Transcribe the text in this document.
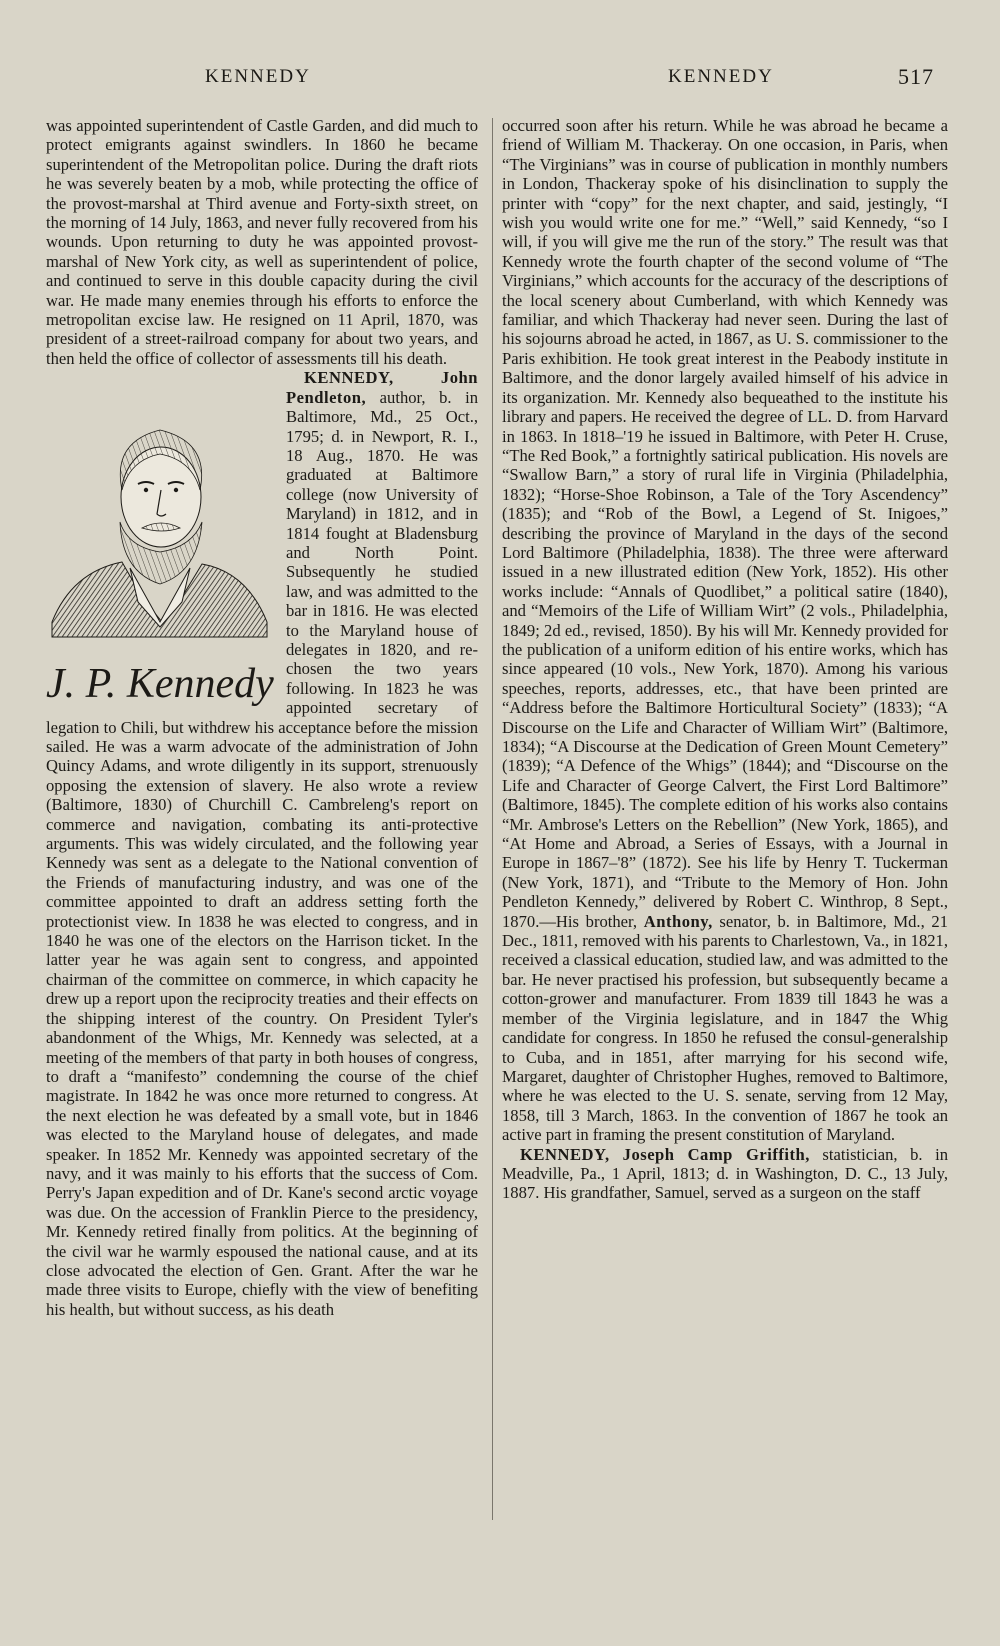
KENNEDY	KENNEDY	517

was appointed superintendent of Castle Garden, and did much to protect emigrants against swindlers. In 1860 he became superintendent of the Metropolitan police. During the draft riots he was severely beaten by a mob, while protecting the office of the provost-marshal at Third avenue and Forty-sixth street, on the morning of 14 July, 1863, and never fully recovered from his wounds. Upon returning to duty he was appointed provost-marshal of New York city, as well as superintendent of police, and continued to serve in this double capacity during the civil war. He made many enemies through his efforts to enforce the metropolitan excise law. He resigned on 11 April, 1870, was president of a street-railroad company for about two years, and then held the office of collector of assessments till his death.

J. P. Kennedy
KENNEDY, John Pendleton, author, b. in Baltimore, Md., 25 Oct., 1795; d. in Newport, R. I., 18 Aug., 1870. He was graduated at Baltimore college (now University of Maryland) in 1812, and in 1814 fought at Bladensburg and North Point. Subsequently he studied law, and was admitted to the bar in 1816. He was elected to the Maryland house of delegates in 1820, and re-chosen the two years following. In 1823 he was appointed secretary of legation to Chili, but withdrew his acceptance before the mission sailed. He was a warm advocate of the administration of John Quincy Adams, and wrote diligently in its support, strenuously opposing the extension of slavery. He also wrote a review (Baltimore, 1830) of Churchill C. Cambreleng's report on commerce and navigation, combating its anti-protective arguments. This was widely circulated, and the following year Kennedy was sent as a delegate to the National convention of the Friends of manufacturing industry, and was one of the committee appointed to draft an address setting forth the protectionist view. In 1838 he was elected to congress, and in 1840 he was one of the electors on the Harrison ticket. In the latter year he was again sent to congress, and appointed chairman of the committee on commerce, in which capacity he drew up a report upon the reciprocity treaties and their effects on the shipping interest of the country. On President Tyler's abandonment of the Whigs, Mr. Kennedy was selected, at a meeting of the members of that party in both houses of congress, to draft a “manifesto” condemning the course of the chief magistrate. In 1842 he was once more returned to congress. At the next election he was defeated by a small vote, but in 1846 was elected to the Maryland house of delegates, and made speaker. In 1852 Mr. Kennedy was appointed secretary of the navy, and it was mainly to his efforts that the success of Com. Perry's Japan expedition and of Dr. Kane's second arctic voyage was due. On the accession of Franklin Pierce to the presidency, Mr. Kennedy retired finally from politics. At the beginning of the civil war he warmly espoused the national cause, and at its close advocated the election of Gen. Grant. After the war he made three visits to Europe, chiefly with the view of benefiting his health, but without success, as his death

occurred soon after his return. While he was abroad he became a friend of William M. Thackeray. On one occasion, in Paris, when “The Virginians” was in course of publication in monthly numbers in London, Thackeray spoke of his disinclination to supply the printer with “copy” for the next chapter, and said, jestingly, “I wish you would write one for me.” “Well,” said Kennedy, “so I will, if you will give me the run of the story.” The result was that Kennedy wrote the fourth chapter of the second volume of “The Virginians,” which accounts for the accuracy of the descriptions of the local scenery about Cumberland, with which Kennedy was familiar, and which Thackeray had never seen. During the last of his sojourns abroad he acted, in 1867, as U. S. commissioner to the Paris exhibition. He took great interest in the Peabody institute in Baltimore, and the donor largely availed himself of his advice in its organization. Mr. Kennedy also bequeathed to the institute his library and papers. He received the degree of LL. D. from Harvard in 1863. In 1818–'19 he issued in Baltimore, with Peter H. Cruse, “The Red Book,” a fortnightly satirical publication. His novels are “Swallow Barn,” a story of rural life in Virginia (Philadelphia, 1832); “Horse-Shoe Robinson, a Tale of the Tory Ascendency” (1835); and “Rob of the Bowl, a Legend of St. Inigoes,” describing the province of Maryland in the days of the second Lord Baltimore (Philadelphia, 1838). The three were afterward issued in a new illustrated edition (New York, 1852). His other works include: “Annals of Quodlibet,” a political satire (1840), and “Memoirs of the Life of William Wirt” (2 vols., Philadelphia, 1849; 2d ed., revised, 1850). By his will Mr. Kennedy provided for the publication of a uniform edition of his entire works, which has since appeared (10 vols., New York, 1870). Among his various speeches, reports, addresses, etc., that have been printed are “Address before the Baltimore Horticultural Society” (1833); “A Discourse on the Life and Character of William Wirt” (Baltimore, 1834); “A Discourse at the Dedication of Green Mount Cemetery” (1839); “A Defence of the Whigs” (1844); and “Discourse on the Life and Character of George Calvert, the First Lord Baltimore” (Baltimore, 1845). The complete edition of his works also contains “Mr. Ambrose's Letters on the Rebellion” (New York, 1865), and “At Home and Abroad, a Series of Essays, with a Journal in Europe in 1867–'8” (1872). See his life by Henry T. Tuckerman (New York, 1871), and “Tribute to the Memory of Hon. John Pendleton Kennedy,” delivered by Robert C. Winthrop, 8 Sept., 1870.—His brother, Anthony, senator, b. in Baltimore, Md., 21 Dec., 1811, removed with his parents to Charlestown, Va., in 1821, received a classical education, studied law, and was admitted to the bar. He never practised his profession, but subsequently became a cotton-grower and manufacturer. From 1839 till 1843 he was a member of the Virginia legislature, and in 1847 the Whig candidate for congress. In 1850 he refused the consul-generalship to Cuba, and in 1851, after marrying for his second wife, Margaret, daughter of Christopher Hughes, removed to Baltimore, where he was elected to the U. S. senate, serving from 12 May, 1858, till 3 March, 1863. In the convention of 1867 he took an active part in framing the present constitution of Maryland.

KENNEDY, Joseph Camp Griffith, statistician, b. in Meadville, Pa., 1 April, 1813; d. in Washington, D. C., 13 July, 1887. His grandfather, Samuel, served as a surgeon on the staff
